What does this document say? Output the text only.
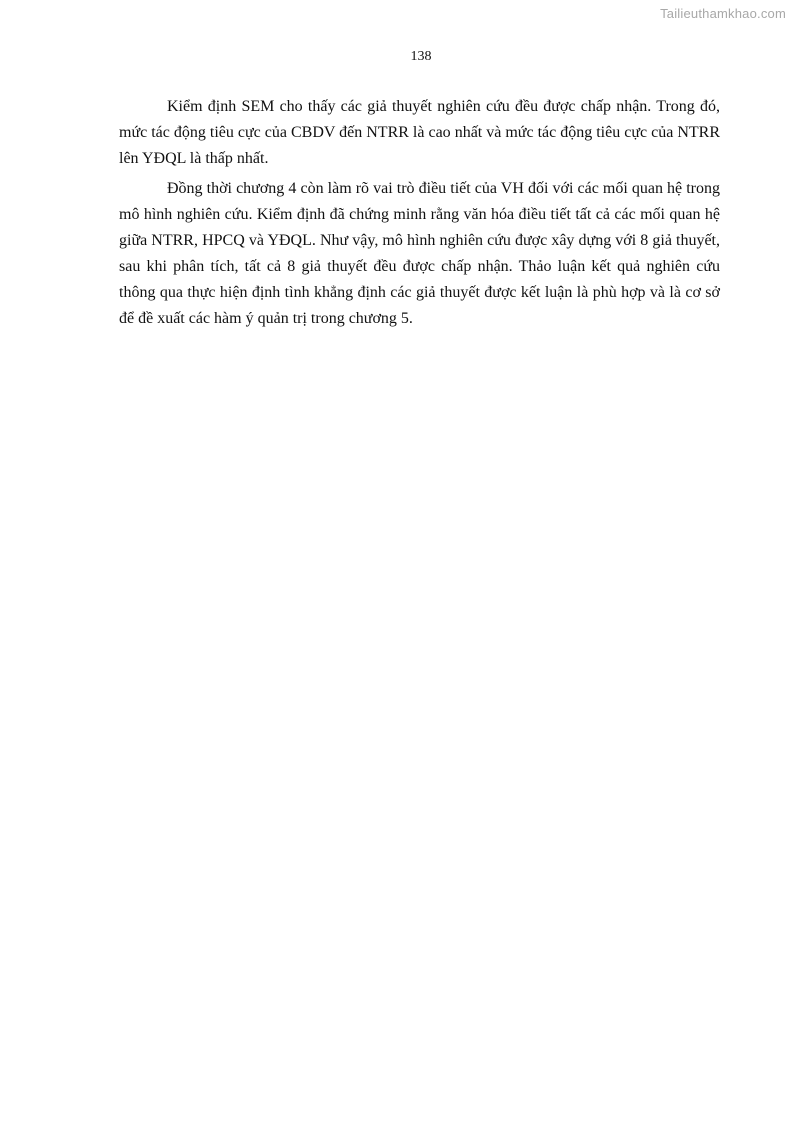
Tailieuthamkhao.com
138

Kiểm định SEM cho thấy các giả thuyết nghiên cứu đều được chấp nhận. Trong đó, mức tác động tiêu cực của CBDV đến NTRR là cao nhất và mức tác động tiêu cực của NTRR lên YĐQL là thấp nhất.

Đồng thời chương 4 còn làm rõ vai trò điều tiết của VH đối với các mối quan hệ trong mô hình nghiên cứu. Kiểm định đã chứng minh rằng văn hóa điều tiết tất cả các mối quan hệ giữa NTRR, HPCQ và YĐQL. Như vậy, mô hình nghiên cứu được xây dựng với 8 giả thuyết, sau khi phân tích, tất cả 8 giả thuyết đều được chấp nhận. Thảo luận kết quả nghiên cứu thông qua thực hiện định tình khẳng định các giả thuyết được kết luận là phù hợp và là cơ sở để đề xuất các hàm ý quản trị trong chương 5.
